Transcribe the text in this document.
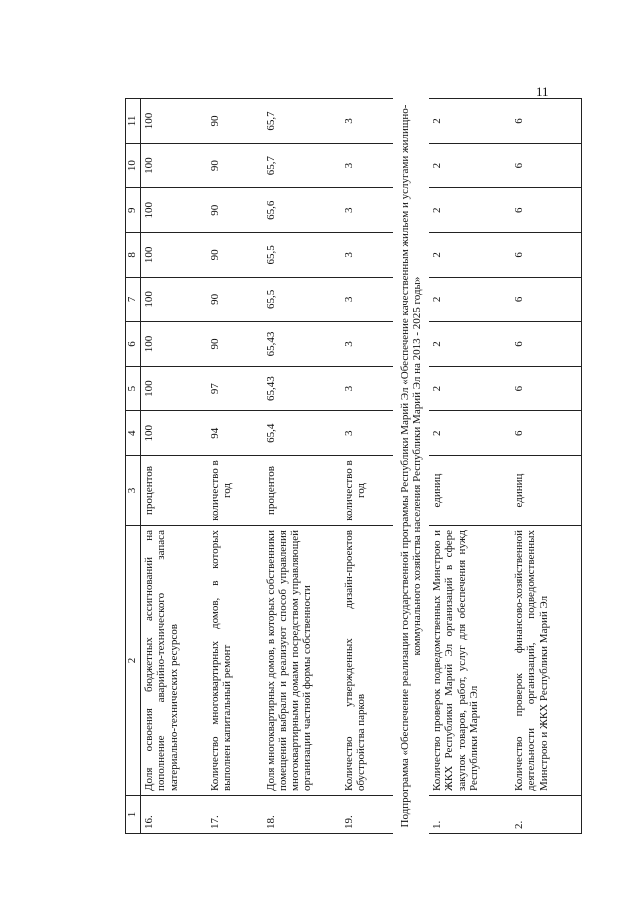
11
1	2	3	4	5	6	7	8	9	10	11
16.	Доля освоения бюджетных ассигнований на пополнение аварийно-технического запаса материально-технических ресурсов	процентов	100	100	100	100	100	100	100	100
17.	Количество многоквартирных домов, в которых выполнен капитальный ремонт	количество в год	94	97	90	90	90	90	90	90
18.	Доля многоквартирных домов, в которых собственники помещений выбрали и реализуют способ управления многоквартирными домами посредством управляющей организации частной формы собственности	процентов	65,4	65,43	65,43	65,5	65,5	65,6	65,7	65,7
19.	Количество утвержденных дизайн-проектов обустройства парков	количество в год	3	3	3	3	3	3	3	3
Подпрограмма «Обеспечение реализации государственной программы Республики Марий Эл «Обеспечение качественным жильем и услугами жилищно-коммунального хозяйства населения Республики Марий Эл на 2013 - 2025 годы»										
1.	Количество проверок подведомственных Минстрою и ЖКХ Республики Марий Эл организаций в сфере закупок товаров, работ, услуг для обеспечения нужд Республики Марий Эл	единиц	2	2	2	2	2	2	2	2
2.	Количество проверок финансово-хозяйственной деятельности организаций, подведомственных Минстрою и ЖКХ Республики Марий Эл	единиц	6	6	6	6	6	6	6	6
